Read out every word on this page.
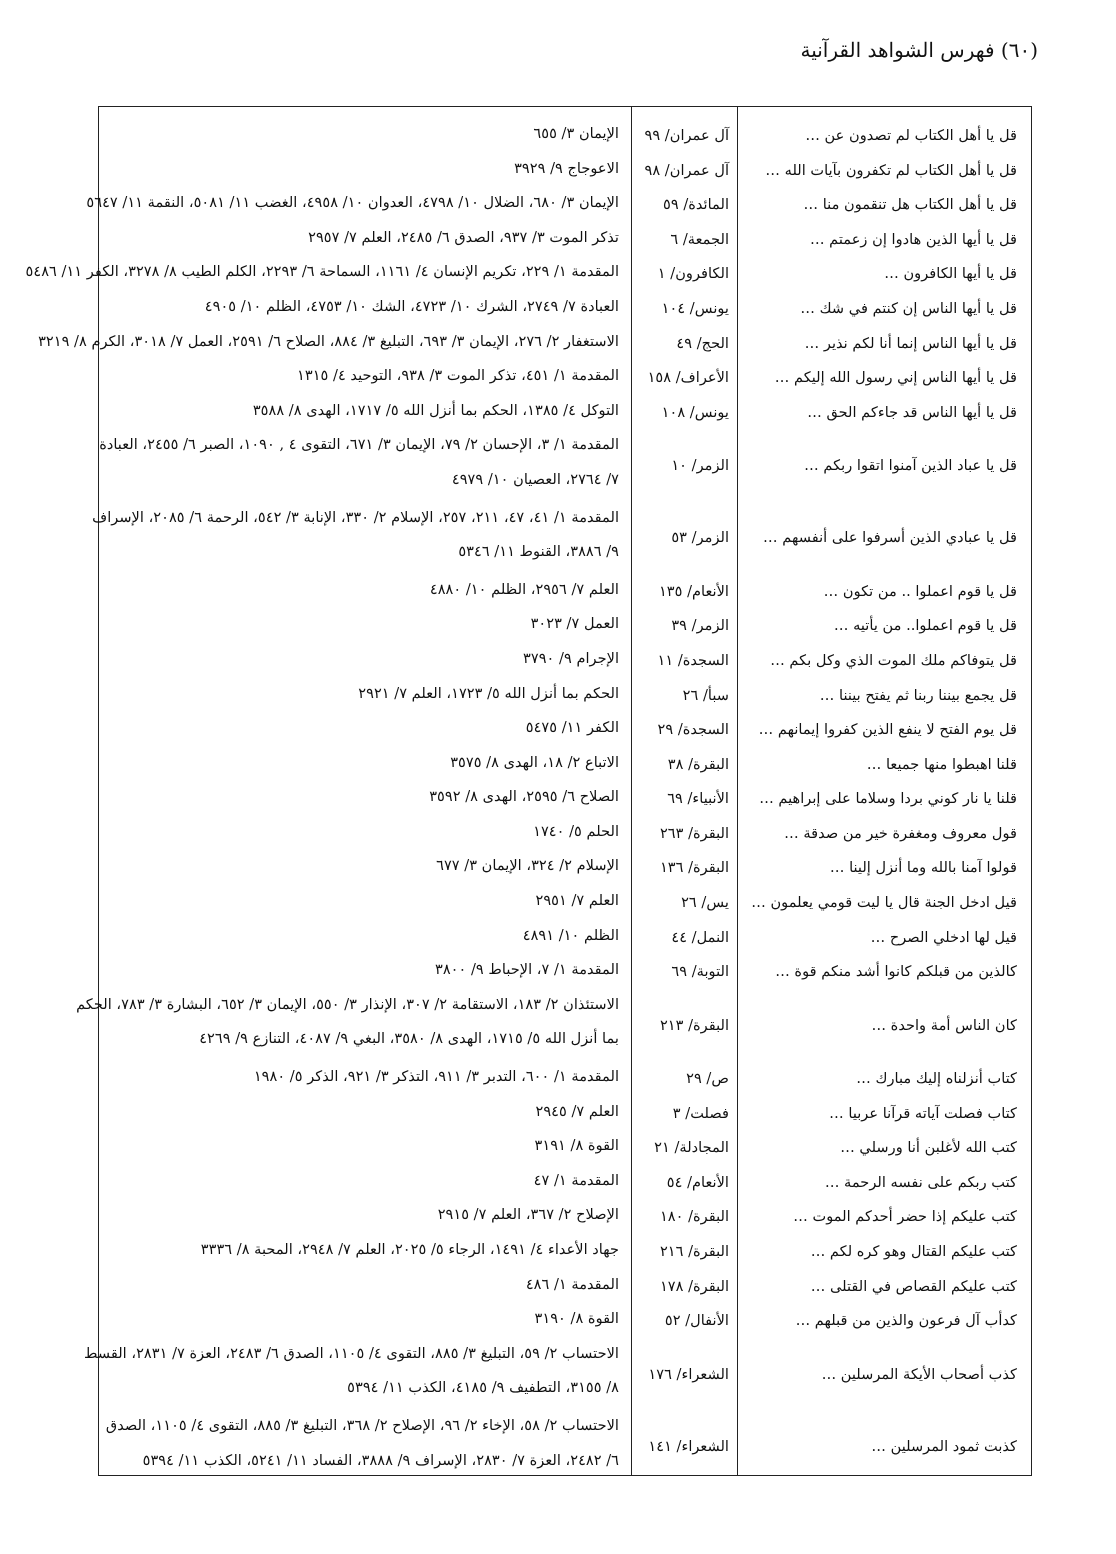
(٦٠) فهرس الشواهد القرآنية
قل يا أهل الكتاب لم تصدون عن …
آل عمران/ ٩٩
الإيمان ٣/ ٦٥٥
قل يا أهل الكتاب لم تكفرون بآيات الله …
آل عمران/ ٩٨
الاعوجاج ٩/ ٣٩٢٩
قل يا أهل الكتاب هل تنقمون منا …
المائدة/ ٥٩
الإيمان ٣/ ٦٨٠، الضلال ١٠/ ٤٧٩٨، العدوان ١٠/ ٤٩٥٨، الغضب ١١/ ٥٠٨١، النقمة ١١/ ٥٦٤٧
قل يا أيها الذين هادوا إن زعمتم …
الجمعة/ ٦
تذكر الموت ٣/ ٩٣٧، الصدق ٦/ ٢٤٨٥، العلم ٧/ ٢٩٥٧
قل يا أيها الكافرون …
الكافرون/ ١
المقدمة ١/ ٢٢٩، تكريم الإنسان ٤/ ١١٦١، السماحة ٦/ ٢٢٩٣، الكلم الطيب ٨/ ٣٢٧٨، الكفر ١١/ ٥٤٨٦
قل يا أيها الناس إن كنتم في شك …
يونس/ ١٠٤
العبادة ٧/ ٢٧٤٩، الشرك ١٠/ ٤٧٢٣، الشك ١٠/ ٤٧٥٣، الظلم ١٠/ ٤٩٠٥
قل يا أيها الناس إنما أنا لكم نذير …
الحج/ ٤٩
الاستغفار ٢/ ٢٧٦، الإيمان ٣/ ٦٩٣، التبليغ ٣/ ٨٨٤، الصلاح ٦/ ٢٥٩١، العمل ٧/ ٣٠١٨، الكرم ٨/ ٣٢١٩
قل يا أيها الناس إني رسول الله إليكم …
الأعراف/ ١٥٨
المقدمة ١/ ٤٥١، تذكر الموت ٣/ ٩٣٨، التوحيد ٤/ ١٣١٥
قل يا أيها الناس قد جاءكم الحق …
يونس/ ١٠٨
التوكل ٤/ ١٣٨٥، الحكم بما أنزل الله ٥/ ١٧١٧، الهدى ٨/ ٣٥٨٨
قل يا عباد الذين آمنوا اتقوا ربكم …
الزمر/ ١٠
المقدمة ١/ ٣، الإحسان ٢/ ٧٩، الإيمان ٣/ ٦٧١، التقوى ٤ , ١٠٩٠، الصبر ٦/ ٢٤٥٥، العبادة
٧/ ٢٧٦٤، العصيان ١٠/ ٤٩٧٩
قل يا عبادي الذين أسرفوا على أنفسهم …
الزمر/ ٥٣
المقدمة ١/ ٤١، ٤٧، ٢١١، ٢٥٧، الإسلام ٢/ ٣٣٠، الإنابة ٣/ ٥٤٢، الرحمة ٦/ ٢٠٨٥، الإسراف
٩/ ٣٨٨٦، القنوط ١١/ ٥٣٤٦
قل يا قوم اعملوا .. من تكون …
الأنعام/ ١٣٥
العلم ٧/ ٢٩٥٦، الظلم ١٠/ ٤٨٨٠
قل يا قوم اعملوا.. من يأتيه …
الزمر/ ٣٩
العمل ٧/ ٣٠٢٣
قل يتوفاكم ملك الموت الذي وكل بكم …
السجدة/ ١١
الإجرام ٩/ ٣٧٩٠
قل يجمع بيننا ربنا ثم يفتح بيننا …
سبأ/ ٢٦
الحكم بما أنزل الله ٥/ ١٧٢٣، العلم ٧/ ٢٩٢١
قل يوم الفتح لا ينفع الذين كفروا إيمانهم …
السجدة/ ٢٩
الكفر ١١/ ٥٤٧٥
قلنا اهبطوا منها جميعا …
البقرة/ ٣٨
الاتباع ٢/ ١٨، الهدى ٨/ ٣٥٧٥
قلنا يا نار كوني بردا وسلاما على إبراهيم …
الأنبياء/ ٦٩
الصلاح ٦/ ٢٥٩٥، الهدى ٨/ ٣٥٩٢
قول معروف ومغفرة خير من صدقة …
البقرة/ ٢٦٣
الحلم ٥/ ١٧٤٠
قولوا آمنا بالله وما أنزل إلينا …
البقرة/ ١٣٦
الإسلام ٢/ ٣٢٤، الإيمان ٣/ ٦٧٧
قيل ادخل الجنة قال يا ليت قومي يعلمون …
يس/ ٢٦
العلم ٧/ ٢٩٥١
قيل لها ادخلي الصرح …
النمل/ ٤٤
الظلم ١٠/ ٤٨٩١
كالذين من قبلكم كانوا أشد منكم قوة …
التوبة/ ٦٩
المقدمة ١/ ٧، الإحباط ٩/ ٣٨٠٠
كان الناس أمة واحدة …
البقرة/ ٢١٣
الاستئذان ٢/ ١٨٣، الاستقامة ٢/ ٣٠٧، الإنذار ٣/ ٥٥٠، الإيمان ٣/ ٦٥٢، البشارة ٣/ ٧٨٣، الحكم
بما أنزل الله ٥/ ١٧١٥، الهدى ٨/ ٣٥٨٠، البغي ٩/ ٤٠٨٧، التنازع ٩/ ٤٢٦٩
كتاب أنزلناه إليك مبارك …
ص/ ٢٩
المقدمة ١/ ٦٠٠، التدبر ٣/ ٩١١، التذكر ٣/ ٩٢١، الذكر ٥/ ١٩٨٠
كتاب فصلت آياته قرآنا عربيا …
فصلت/ ٣
العلم ٧/ ٢٩٤٥
كتب الله لأغلبن أنا ورسلي …
المجادلة/ ٢١
القوة ٨/ ٣١٩١
كتب ربكم على نفسه الرحمة …
الأنعام/ ٥٤
المقدمة ١/ ٤٧
كتب عليكم إذا حضر أحدكم الموت …
البقرة/ ١٨٠
الإصلاح ٢/ ٣٦٧، العلم ٧/ ٢٩١٥
كتب عليكم القتال وهو كره لكم …
البقرة/ ٢١٦
جهاد الأعداء ٤/ ١٤٩١، الرجاء ٥/ ٢٠٢٥، العلم ٧/ ٢٩٤٨، المحبة ٨/ ٣٣٣٦
كتب عليكم القصاص في القتلى …
البقرة/ ١٧٨
المقدمة ١/ ٤٨٦
كدأب آل فرعون والذين من قبلهم …
الأنفال/ ٥٢
القوة ٨/ ٣١٩٠
كذب أصحاب الأيكة المرسلين …
الشعراء/ ١٧٦
الاحتساب ٢/ ٥٩، التبليغ ٣/ ٨٨٥، التقوى ٤/ ١١٠٥، الصدق ٦/ ٢٤٨٣، العزة ٧/ ٢٨٣١، القسط
٨/ ٣١٥٥، التطفيف ٩/ ٤١٨٥، الكذب ١١/ ٥٣٩٤
كذبت ثمود المرسلين …
الشعراء/ ١٤١
الاحتساب ٢/ ٥٨، الإخاء ٢/ ٩٦، الإصلاح ٢/ ٣٦٨، التبليغ ٣/ ٨٨٥، التقوى ٤/ ١١٠٥، الصدق
٦/ ٢٤٨٢، العزة ٧/ ٢٨٣٠، الإسراف ٩/ ٣٨٨٨، الفساد ١١/ ٥٢٤١، الكذب ١١/ ٥٣٩٤
